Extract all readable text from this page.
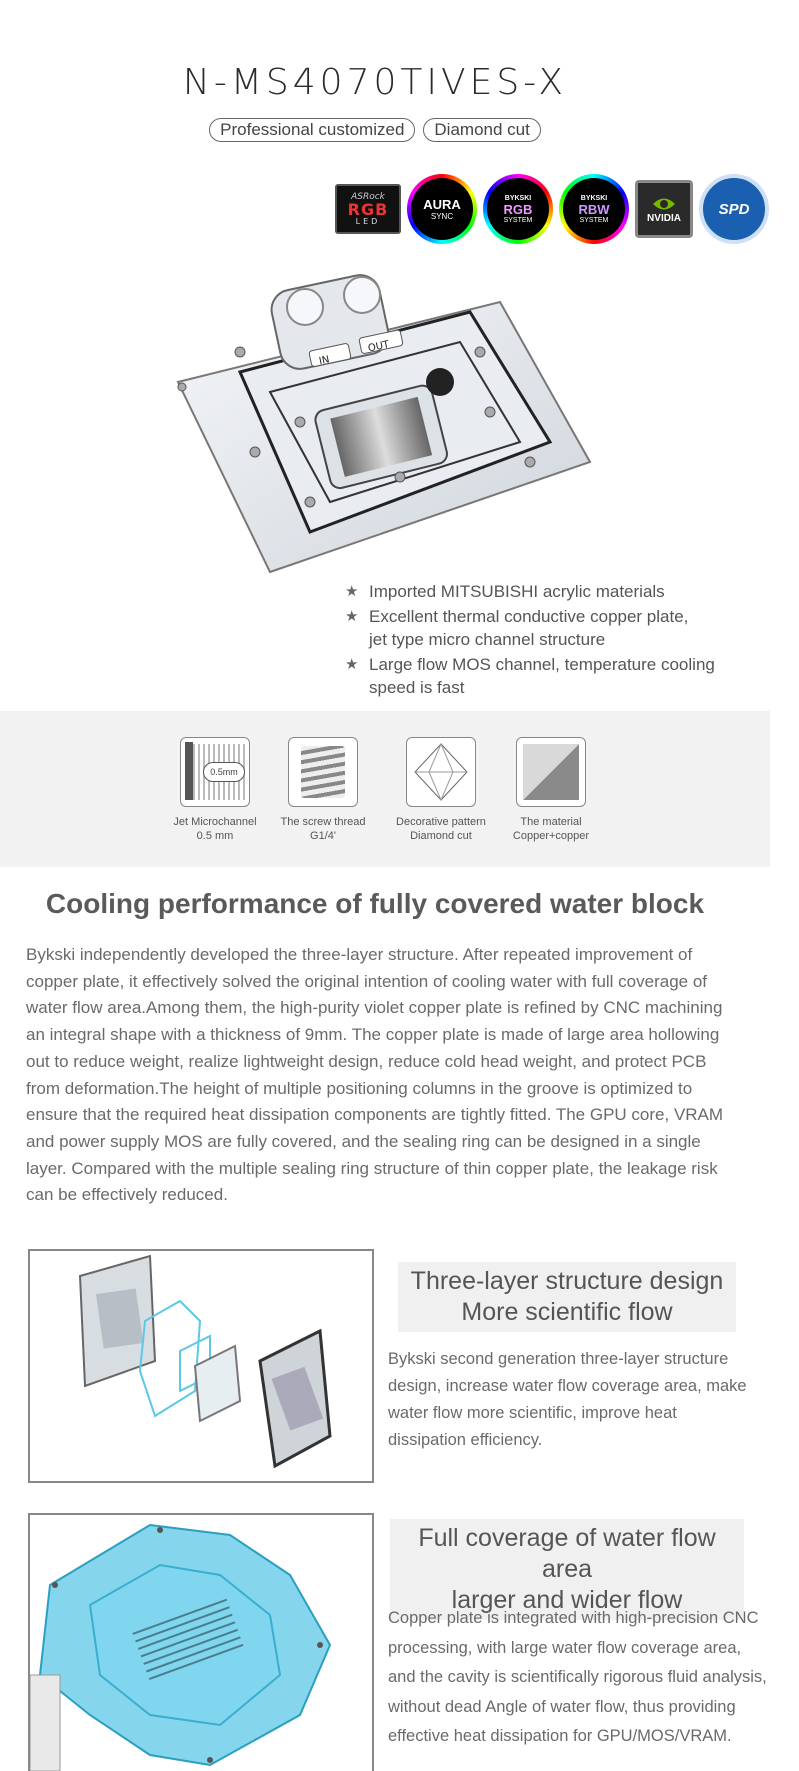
N-MS4070TIVES-X
Professional customized	Diamond cut
ASRock
RGB
LED
AURA
SYNC
BYKSKI
RGB
SYSTEM
BYKSKI
RBW
SYSTEM	NVIDIA
SPD
IN
OUT
★ Imported MITSUBISHI acrylic materials
★ Excellent thermal conductive copper plate,
jet type micro channel structure
★ Large flow MOS channel, temperature cooling
speed is fast
0.5mm
Jet Microchannel
0.5 mm
The screw thread
G1/4'
Decorative pattern
Diamond cut
The material
Copper+copper
Cooling performance of fully covered water block
Bykski independently developed the three-layer structure. After repeated improvement of copper plate, it effectively solved the original intention of cooling water with full coverage of water flow area.Among them, the high-purity violet copper plate is refined by CNC machining an integral shape with a thickness of 9mm. The copper plate is made of large area hollowing out to reduce weight, realize lightweight design, reduce cold head weight, and protect PCB from deformation.The height of multiple positioning columns in the groove is optimized to ensure that the required heat dissipation components are tightly fitted. The GPU core, VRAM and power supply MOS are fully covered, and the sealing ring can be designed in a single layer. Compared with the multiple sealing ring structure of thin copper plate, the leakage risk can be effectively reduced.
Three-layer structure design
More scientific flow
Bykski second generation three-layer structure design, increase water flow coverage area, make water flow more scientific, improve heat dissipation efficiency.
Full coverage of water flow area
larger and wider flow
Copper plate is integrated with high-precision CNC processing, with large water flow coverage area, and the cavity is scientifically rigorous fluid analysis, without dead Angle of water flow, thus providing effective heat dissipation for GPU/MOS/VRAM.
